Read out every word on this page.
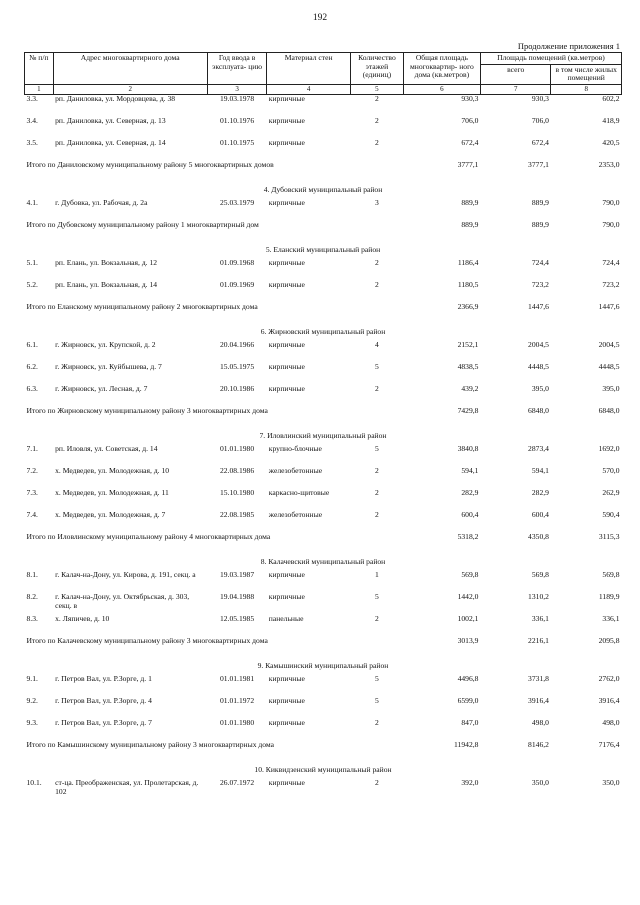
192
Продолжение приложения 1
№ п/п	Адрес многоквартирного дома	Год ввода в эксплуата- цию	Материал стен	Количество этажей (единиц)	Общая площадь многоквартир- ного дома (кв.метров)	Площадь помещений (кв.метров)	
						всего	в том числе жилых помещений
1	2	3	4	5	6	7	8
3.3.	рп. Даниловка, ул. Мордовцева, д. 38	19.03.1978	кирпичные	2	930,3	930,3	602,2
3.4.	рп. Даниловка, ул. Северная, д. 13	01.10.1976	кирпичные	2	706,0	706,0	418,9
3.5.	рп. Даниловка, ул. Северная, д. 14	01.10.1975	кирпичные	2	672,4	672,4	420,5
Итого по Даниловскому муниципальному району 5 многоквартирных домов					3777,1	3777,1	2353,0
4. Дубовский муниципальный район							
4.1.	г. Дубовка, ул. Рабочая, д. 2а	25.03.1979	кирпичные	3	889,9	889,9	790,0
Итого по Дубовскому муниципальному району 1 многоквартирный дом					889,9	889,9	790,0
5. Еланский муниципальный район							
5.1.	рп. Елань, ул. Вокзальная, д. 12	01.09.1968	кирпичные	2	1186,4	724,4	724,4
5.2.	рп. Елань, ул. Вокзальная, д. 14	01.09.1969	кирпичные	2	1180,5	723,2	723,2
Итого по Еланскому муниципальному району 2 многоквартирных дома					2366,9	1447,6	1447,6
6. Жирновский муниципальный район							
6.1.	г. Жирновск, ул. Крупской, д. 2	20.04.1966	кирпичные	4	2152,1	2004,5	2004,5
6.2.	г. Жирновск, ул. Куйбышева, д. 7	15.05.1975	кирпичные	5	4838,5	4448,5	4448,5
6.3.	г. Жирновск, ул. Лесная, д. 7	20.10.1986	кирпичные	2	439,2	395,0	395,0
Итого по Жирновскому муниципальному району 3 многоквартирных дома					7429,8	6848,0	6848,0
7. Иловлинский муниципальный район							
7.1.	рп. Иловля, ул. Советская, д. 14	01.01.1980	крупно-блочные	5	3840,8	2873,4	1692,0
7.2.	х. Медведев, ул. Молодежная, д. 10	22.08.1986	железобетонные	2	594,1	594,1	570,0
7.3.	х. Медведев, ул. Молодежная, д. 11	15.10.1980	каркасно-щитовые	2	282,9	282,9	262,9
7.4.	х. Медведев, ул. Молодежная, д. 7	22.08.1985	железобетонные	2	600,4	600,4	590,4
Итого по Иловлинскому муниципальному району 4 многоквартирных дома					5318,2	4350,8	3115,3
8. Калачевский муниципальный район							
8.1.	г. Калач-на-Дону, ул. Кирова, д. 191, секц. а	19.03.1987	кирпичные	1	569,8	569,8	569,8
8.2.	г. Калач-на-Дону, ул. Октябрьская, д. 303, секц. в	19.04.1988	кирпичные	5	1442,0	1310,2	1189,9
8.3.	х. Ляпичев, д. 10	12.05.1985	панельные	2	1002,1	336,1	336,1
Итого по Калачевскому муниципальному району 3 многоквартирных дома					3013,9	2216,1	2095,8
9. Камышинский муниципальный район							
9.1.	г. Петров Вал, ул. Р.Зорге, д. 1	01.01.1981	кирпичные	5	4496,8	3731,8	2762,0
9.2.	г. Петров Вал, ул. Р.Зорге, д. 4	01.01.1972	кирпичные	5	6599,0	3916,4	3916,4
9.3.	г. Петров Вал, ул. Р.Зорге, д. 7	01.01.1980	кирпичные	2	847,0	498,0	498,0
Итого по Камышинскому муниципальному району 3 многоквартирных дома					11942,8	8146,2	7176,4
10. Киквидзенский муниципальный район							
10.1.	ст-ца. Преображенская, ул. Пролетарская, д. 102	26.07.1972	кирпичные	2	392,0	350,0	350,0
